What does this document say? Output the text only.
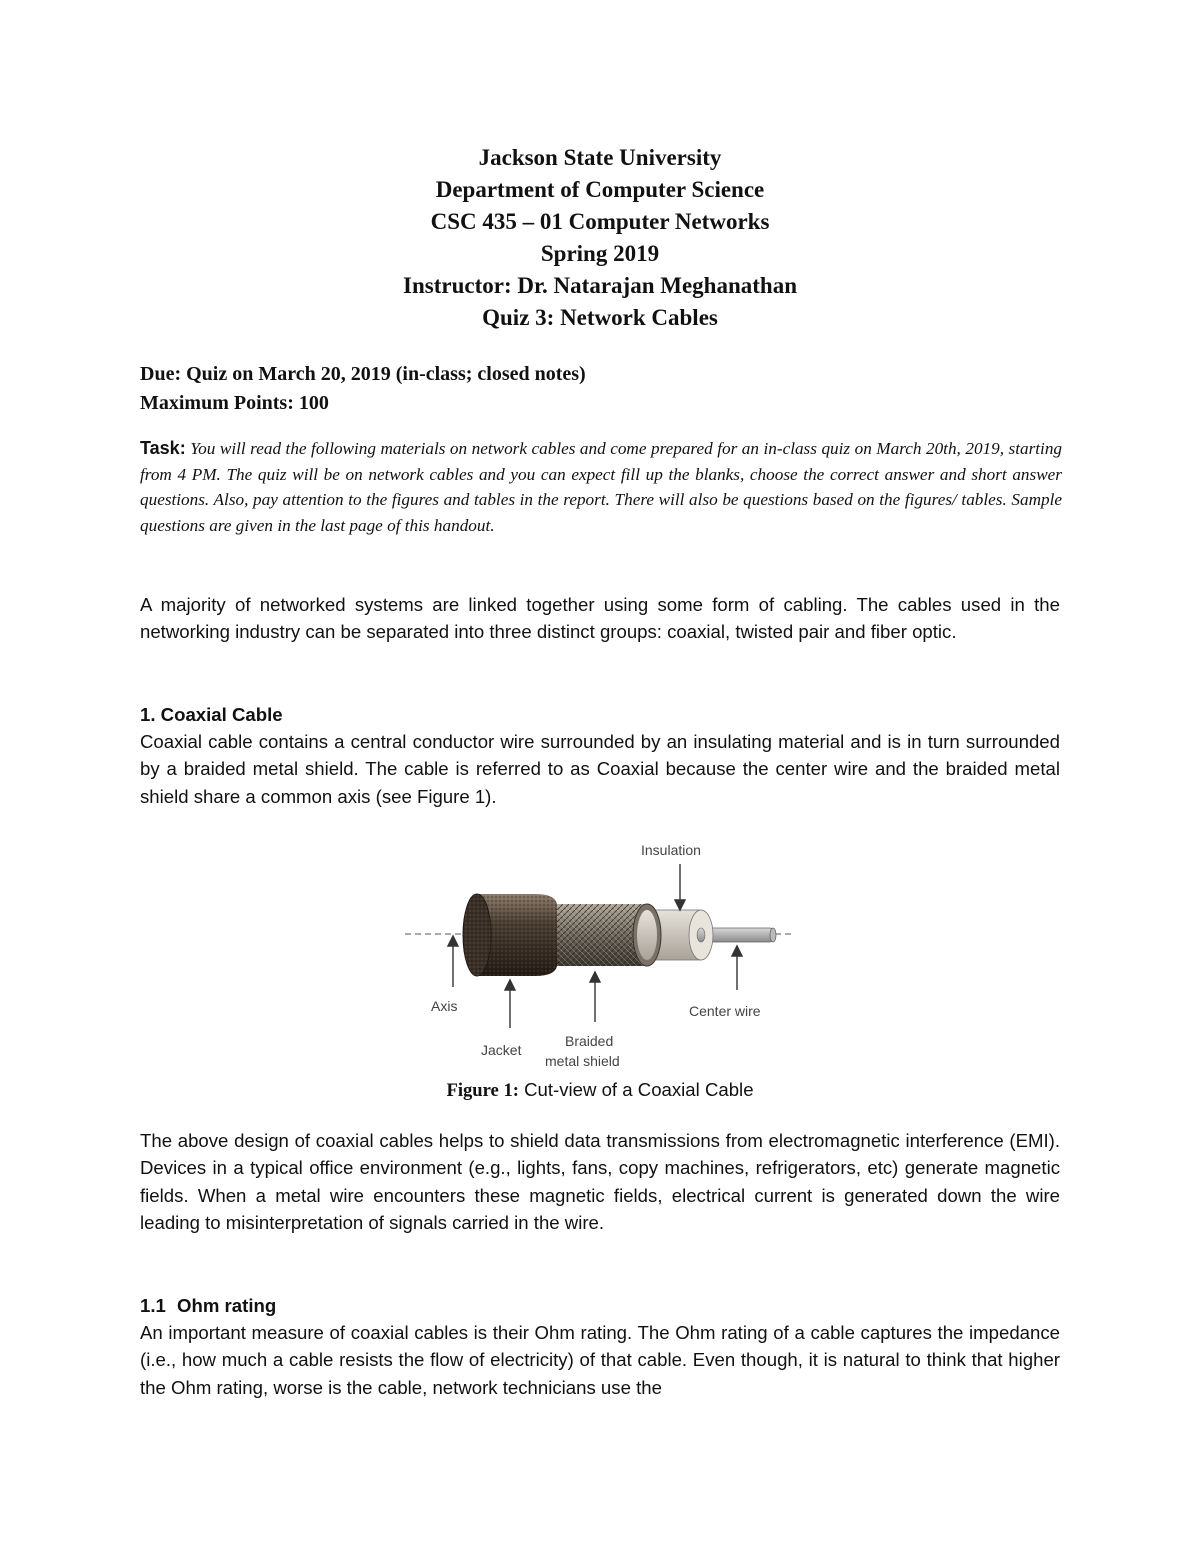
Jackson State University
Department of Computer Science
CSC 435 – 01 Computer Networks
Spring 2019
Instructor: Dr. Natarajan Meghanathan
Quiz 3: Network Cables
Due: Quiz on March 20, 2019 (in-class; closed notes)
Maximum Points: 100
Task: You will read the following materials on network cables and come prepared for an in-class quiz on March 20th, 2019, starting from 4 PM. The quiz will be on network cables and you can expect fill up the blanks, choose the correct answer and short answer questions. Also, pay attention to the figures and tables in the report. There will also be questions based on the figures/ tables. Sample questions are given in the last page of this handout.
A majority of networked systems are linked together using some form of cabling. The cables used in the networking industry can be separated into three distinct groups: coaxial, twisted pair and fiber optic.
1. Coaxial Cable
Coaxial cable contains a central conductor wire surrounded by an insulating material and is in turn surrounded by a braided metal shield. The cable is referred to as Coaxial because the center wire and the braided metal shield share a common axis (see Figure 1).
Insulation
Axis	Center wire
Jacket
Braided
metal shield
Figure 1: Cut-view of a Coaxial Cable
The above design of coaxial cables helps to shield data transmissions from electromagnetic interference (EMI). Devices in a typical office environment (e.g., lights, fans, copy machines, refrigerators, etc) generate magnetic fields. When a metal wire encounters these magnetic fields, electrical current is generated down the wire leading to misinterpretation of signals carried in the wire.
1.1 Ohm rating
An important measure of coaxial cables is their Ohm rating. The Ohm rating of a cable captures the impedance (i.e., how much a cable resists the flow of electricity) of that cable. Even though, it is natural to think that higher the Ohm rating, worse is the cable, network technicians use the
